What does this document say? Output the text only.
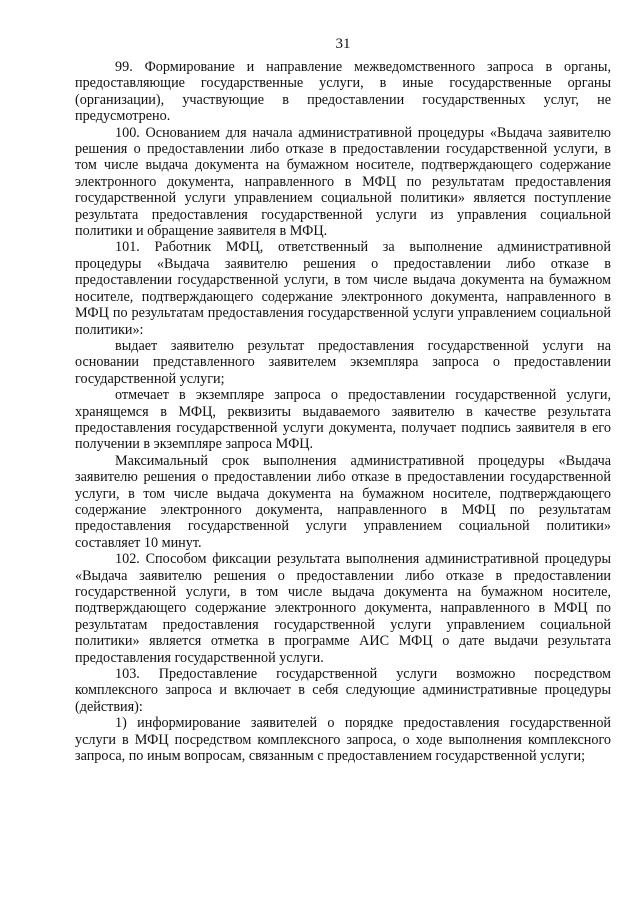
31

99. Формирование и направление межведомственного запроса в органы, предоставляющие государственные услуги, в иные государственные органы (организации), участвующие в предоставлении государственных услуг, не предусмотрено.

100. Основанием для начала административной процедуры «Выдача заявителю решения о предоставлении либо отказе в предоставлении государственной услуги, в том числе выдача документа на бумажном носителе, подтверждающего содержание электронного документа, направленного в МФЦ по результатам предоставления государственной услуги управлением социальной политики» является поступление результата предоставления государственной услуги из управления социальной политики и обращение заявителя в МФЦ.

101. Работник МФЦ, ответственный за выполнение административной процедуры «Выдача заявителю решения о предоставлении либо отказе в предоставлении государственной услуги, в том числе выдача документа на бумажном носителе, подтверждающего содержание электронного документа, направленного в МФЦ по результатам предоставления государственной услуги управлением социальной политики»:

выдает заявителю результат предоставления государственной услуги на основании представленного заявителем экземпляра запроса о предоставлении государственной услуги;

отмечает в экземпляре запроса о предоставлении государственной услуги, хранящемся в МФЦ, реквизиты выдаваемого заявителю в качестве результата предоставления государственной услуги документа, получает подпись заявителя в его получении в экземпляре запроса МФЦ.

Максимальный срок выполнения административной процедуры «Выдача заявителю решения о предоставлении либо отказе в предоставлении государственной услуги, в том числе выдача документа на бумажном носителе, подтверждающего содержание электронного документа, направленного в МФЦ по результатам предоставления государственной услуги управлением социальной политики» составляет 10 минут.

102. Способом фиксации результата выполнения административной процедуры «Выдача заявителю решения о предоставлении либо отказе в предоставлении государственной услуги, в том числе выдача документа на бумажном носителе, подтверждающего содержание электронного документа, направленного в МФЦ по результатам предоставления государственной услуги управлением социальной политики» является отметка в программе АИС МФЦ о дате выдачи результата предоставления государственной услуги.

103. Предоставление государственной услуги возможно посредством комплексного запроса и включает в себя следующие административные процедуры (действия):

1) информирование заявителей о порядке предоставления государственной услуги в МФЦ посредством комплексного запроса, о ходе выполнения комплексного запроса, по иным вопросам, связанным с предоставлением государственной услуги;
